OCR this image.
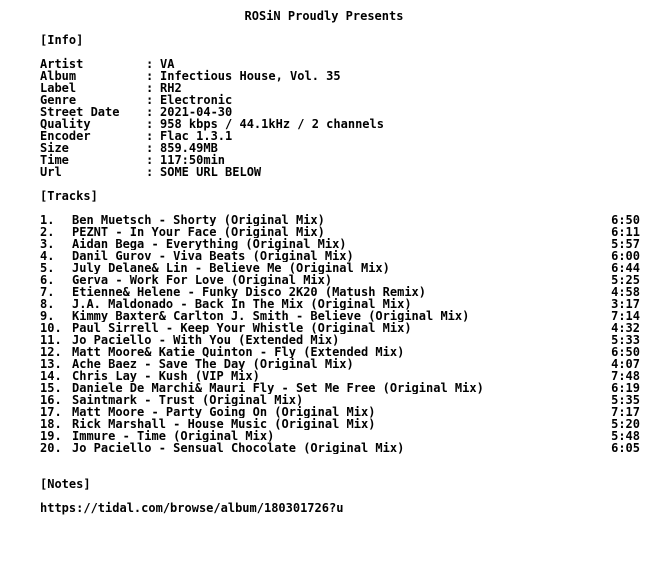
ROSiN Proudly Presents
[Info]
Artist	: VA
Album	: Infectious House, Vol. 35
Label	: RH2
Genre	: Electronic
Street Date	: 2021-04-30
Quality	: 958 kbps / 44.1kHz / 2 channels
Encoder	: Flac 1.3.1
Size	: 859.49MB
Time	: 117:50min
Url	: SOME URL BELOW
[Tracks]
1.	Ben Muetsch - Shorty (Original Mix)	6:50
2.	PEZNT - In Your Face (Original Mix)	6:11
3.	Aidan Bega - Everything (Original Mix)	5:57
4.	Danil Gurov - Viva Beats (Original Mix)	6:00
5.	July Delane& Lin - Believe Me (Original Mix)	6:44
6.	Gerva - Work For Love (Original Mix)	5:25
7.	Etienne& Helene - Funky Disco 2K20 (Matush Remix)	4:58
8.	J.A. Maldonado - Back In The Mix (Original Mix)	3:17
9.	Kimmy Baxter& Carlton J. Smith - Believe (Original Mix)	7:14
10. Paul Sirrell - Keep Your Whistle (Original Mix)	4:32
11. Jo Paciello - With You (Extended Mix)	5:33
12. Matt Moore& Katie Quinton - Fly (Extended Mix)	6:50
13. Ache Baez - Save The Day (Original Mix)	4:07
14. Chris Lay - Kush (VIP Mix)	7:48
15. Daniele De Marchi& Mauri Fly - Set Me Free (Original Mix)	6:19
16. Saintmark - Trust (Original Mix)	5:35
17. Matt Moore - Party Going On (Original Mix)	7:17
18. Rick Marshall - House Music (Original Mix)	5:20
19. Immure - Time (Original Mix)	5:48
20. Jo Paciello - Sensual Chocolate (Original Mix)	6:05
[Notes]
https://tidal.com/browse/album/180301726?u
